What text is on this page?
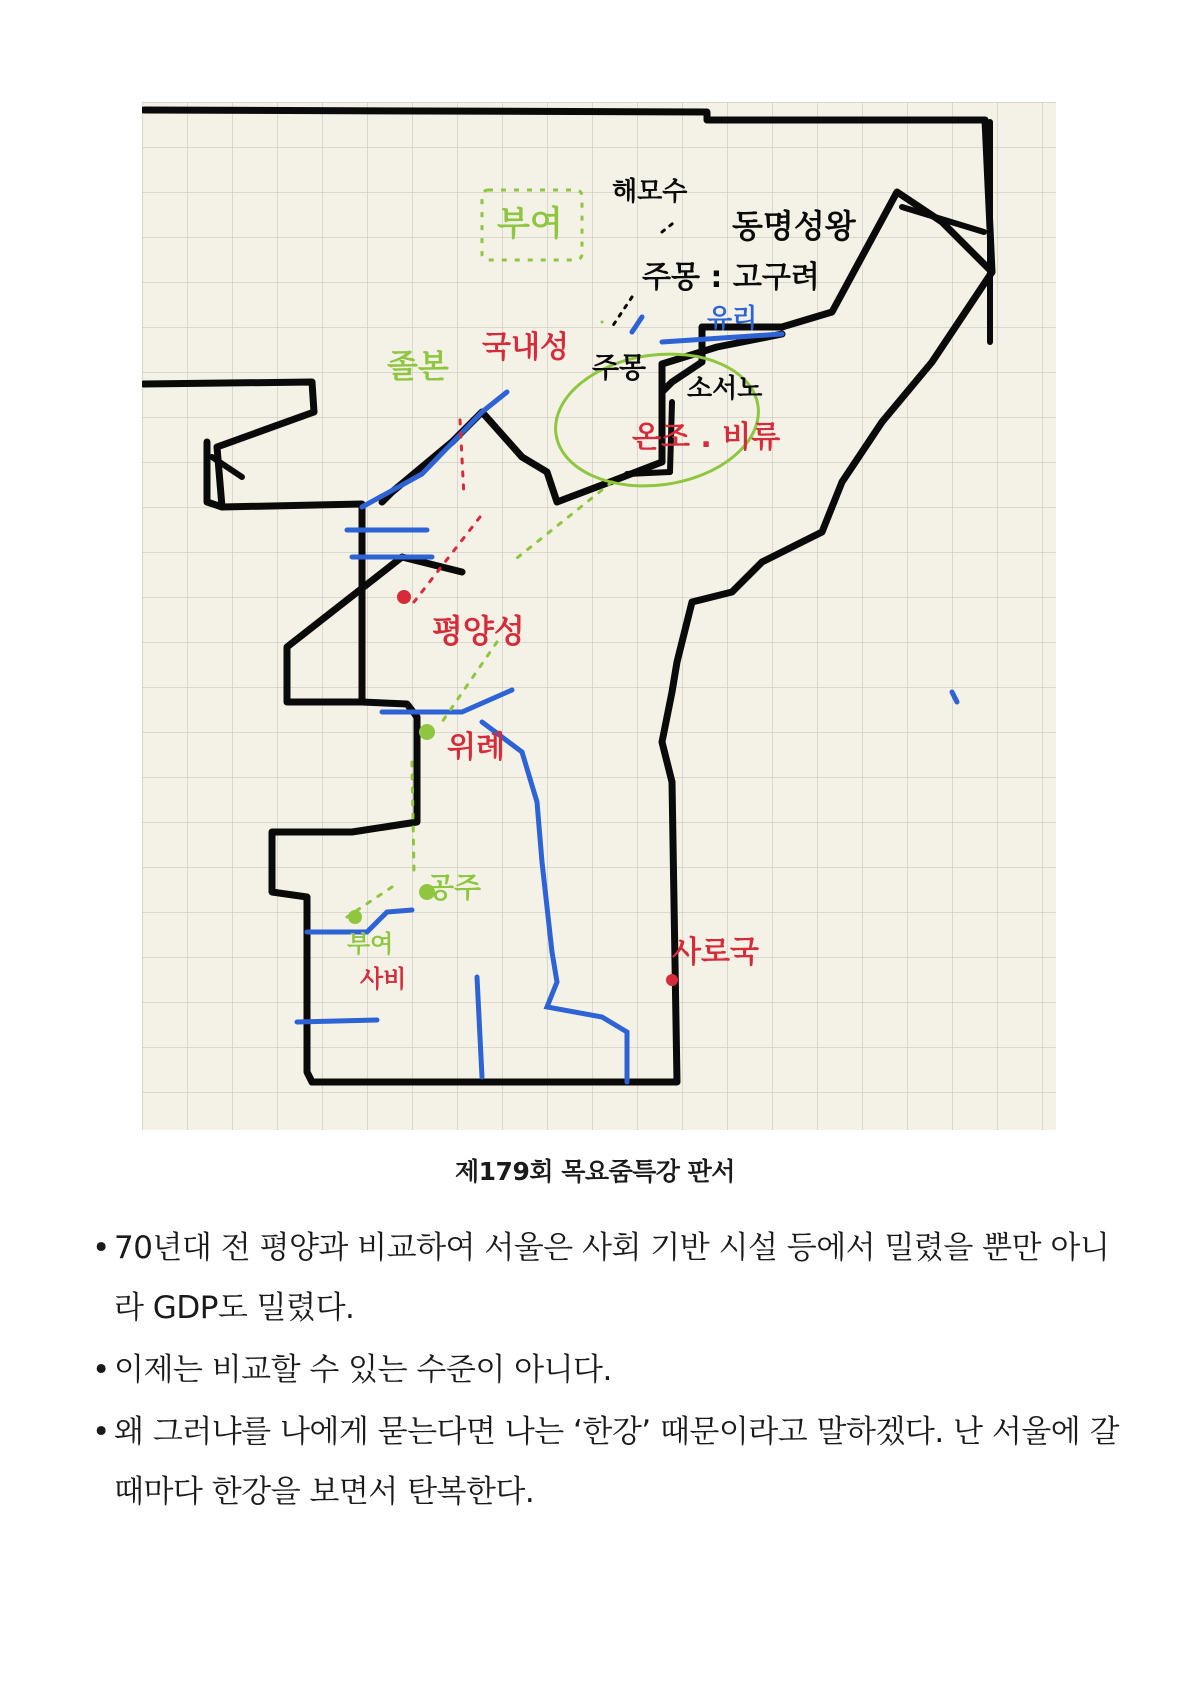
부여
해모수
동명성왕
주몽 : 고구려
유리
주몽
소서노
온조 . 비류
졸본 국내성
평양성
위례
공주
부여
사비
사로국
제179회 목요줌특강 판서
• 70년대 전 평양과 비교하여 서울은 사회 기반 시설 등에서 밀렸을 뿐만 아니라 GDP도 밀렸다.
• 이제는 비교할 수 있는 수준이 아니다.
• 왜 그러냐를 나에게 묻는다면 나는 ‘한강’ 때문이라고 말하겠다. 난 서울에 갈 때마다 한강을 보면서 탄복한다.
